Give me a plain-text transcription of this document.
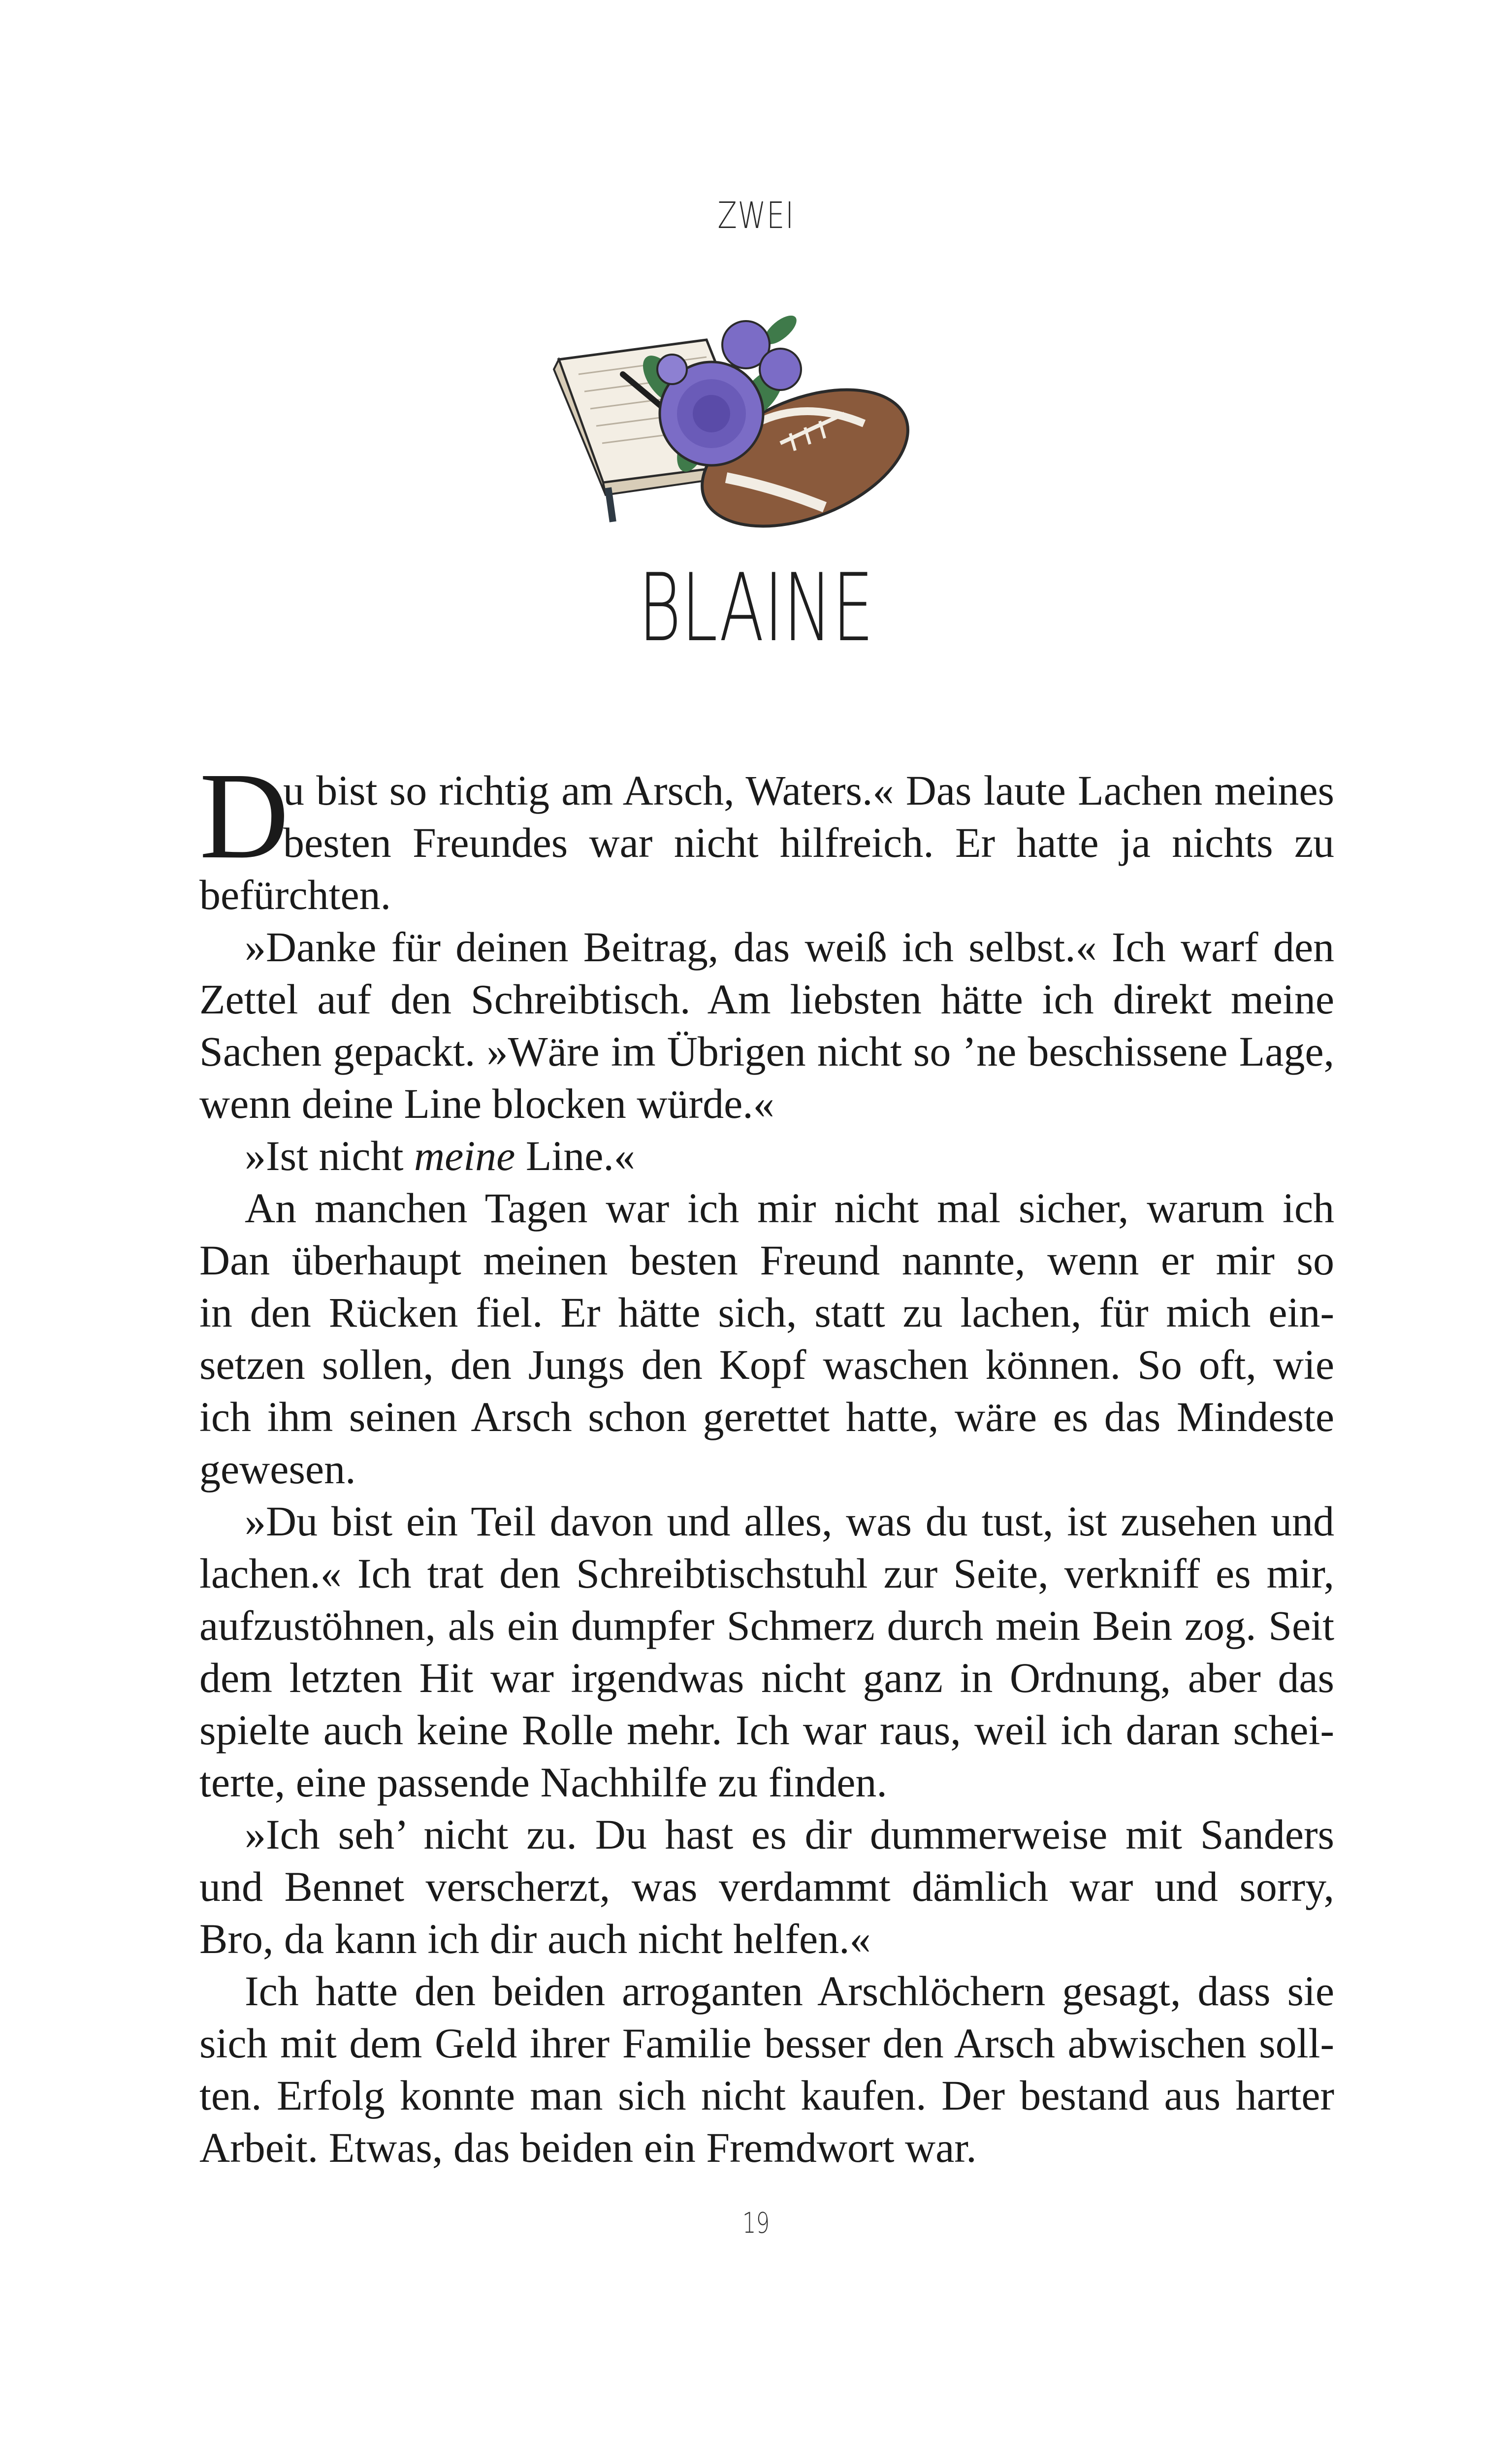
ZWEI
BLAINE
D
u bist so richtig am Arsch, Waters.« Das laute Lachen meines
besten Freundes war nicht hilfreich. Er hatte ja nichts zu
befürchten.
»Danke für deinen Beitrag, das weiß ich selbst.« Ich warf den
Zettel auf den Schreibtisch. Am liebsten hätte ich direkt meine
Sachen gepackt. »Wäre im Übrigen nicht so ’ne beschissene Lage,
wenn deine Line blocken würde.«
»Ist nicht meine Line.«
An manchen Tagen war ich mir nicht mal sicher, warum ich
Dan überhaupt meinen besten Freund nannte, wenn er mir so
in den Rücken fiel. Er hätte sich, statt zu lachen, für mich ein-
setzen sollen, den Jungs den Kopf waschen können. So oft, wie
ich ihm seinen Arsch schon gerettet hatte, wäre es das Mindeste
gewesen.
»Du bist ein Teil davon und alles, was du tust, ist zusehen und
lachen.« Ich trat den Schreibtischstuhl zur Seite, verkniff es mir,
aufzustöhnen, als ein dumpfer Schmerz durch mein Bein zog. Seit
dem letzten Hit war irgendwas nicht ganz in Ordnung, aber das
spielte auch keine Rolle mehr. Ich war raus, weil ich daran schei-
terte, eine passende Nachhilfe zu finden.
»Ich seh’ nicht zu. Du hast es dir dummerweise mit Sanders
und Bennet verscherzt, was verdammt dämlich war und sorry,
Bro, da kann ich dir auch nicht helfen.«
Ich hatte den beiden arroganten Arschlöchern gesagt, dass sie
sich mit dem Geld ihrer Familie besser den Arsch abwischen soll-
ten. Erfolg konnte man sich nicht kaufen. Der bestand aus harter
Arbeit. Etwas, das beiden ein Fremdwort war.
19
